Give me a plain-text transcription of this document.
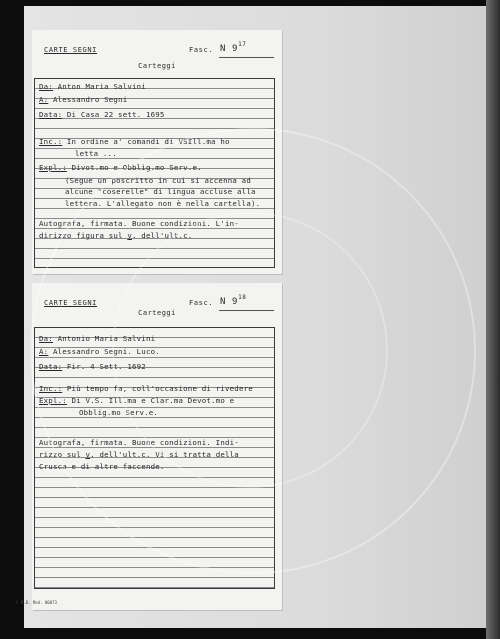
CARTE SEGNI	Fasc. N $9^{17}$
Carteggi
Da: Anton Maria Salvini
A: Alessandro Segni
Data: Di Casa 22 sett. 1695
Inc.: In ordine a' comandi di VSIll.ma ho
letta ...
Expl.: Divot.mo e Obblig.mo Serv.e.
(Segue un poscritto in cui si accenna ad
alcune "coserelle" di lingua accluse alla
lettera. L'allegato non è nella cartella).
Autografa, firmata. Buone condizioni. L'in-
dirizzo figura sul v. dell'ult.c.
CARTE SEGNI	Fasc. N $9^{18}$
Carteggi
Da: Antonio Maria Salvini
A: Alessandro Segni. Luco.
Data: Fir. 4 Sett. 1692
Inc.: Più tempo fa, coll'occasione di rivedere
Expl.: Di V.S. Ill.ma e Clar.ma Devot.mo e
Obblig.mo Serv.e.
Autografa, firmata. Buone condizioni. Indi-
rizzo sul v. dell'ult.c. Vi si tratta della
Crusca e di altre faccende.
F.M.B. Mod. 00073
